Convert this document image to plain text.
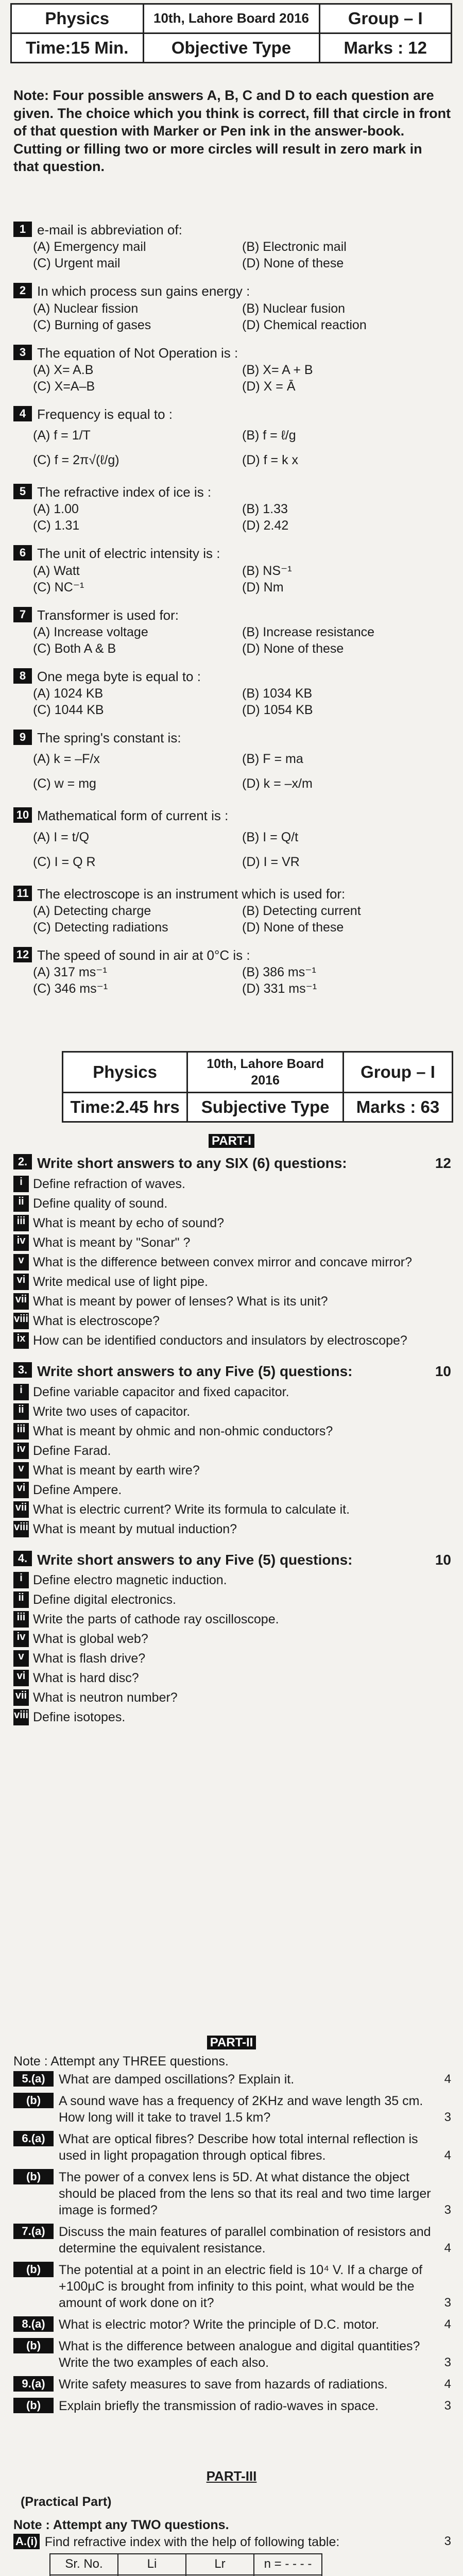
Physics	10th, Lahore Board 2016	Group – I
Time:15 Min.	Objective Type	Marks : 12
Note: Four possible answers A, B, C and D to each question are given. The choice which you think is correct, fill that circle in front of that question with Marker or Pen ink in the answer-book. Cutting or filling two or more circles will result in zero mark in that question.
1 e-mail is abbreviation of:
(A) Emergency mail	(B) Electronic mail
(C) Urgent mail	(D) None of these
2 In which process sun gains energy :
(A) Nuclear fission	(B) Nuclear fusion
(C) Burning of gases	(D) Chemical reaction
3 The equation of Not Operation is :
(A) X= A.B	(B) X= A + B
(C) X=A–B	(D) X = Ā
4 Frequency is equal to :
(A) f = 1/T	(B) f = ℓ/g
(C) f = 2π√(ℓ/g)	(D) f = k x
5 The refractive index of ice is :
(A) 1.00	(B) 1.33
(C) 1.31	(D) 2.42
6 The unit of electric intensity is :
(A) Watt	(B) NS⁻¹
(C) NC⁻¹	(D) Nm
7 Transformer is used for:
(A) Increase voltage	(B) Increase resistance
(C) Both A & B	(D) None of these
8 One mega byte is equal to :
(A) 1024 KB	(B) 1034 KB
(C) 1044 KB	(D) 1054 KB
9 The spring's constant is:
(A) k = –F/x	(B) F = ma
(C) w = mg	(D) k = –x/m
10 Mathematical form of current is :
(A) I = t/Q	(B) I = Q/t
(C) I = Q R	(D) I = VR
11 The electroscope is an instrument which is used for:
(A) Detecting charge	(B) Detecting current
(C) Detecting radiations	(D) None of these
12 The speed of sound in air at 0°C is :
(A) 317 ms⁻¹	(B) 386 ms⁻¹
(C) 346 ms⁻¹	(D) 331 ms⁻¹
Physics	10th, Lahore Board 2016	Group – I
Time:2.45 hrs	Subjective Type	Marks : 63
PART-I
2. Write short answers to any SIX (6) questions:	12
i Define refraction of waves.
ii Define quality of sound.
iii What is meant by echo of sound?
iv What is meant by "Sonar" ?
v What is the difference between convex mirror and concave mirror?
vi Write medical use of light pipe.
vii What is meant by power of lenses? What is its unit?
viii What is electroscope?
ix How can be identified conductors and insulators by electroscope?
3. Write short answers to any Five (5) questions:	10
i Define variable capacitor and fixed capacitor.
ii Write two uses of capacitor.
iii What is meant by ohmic and non-ohmic conductors?
iv Define Farad.
v What is meant by earth wire?
vi Define Ampere.
vii What is electric current? Write its formula to calculate it.
viii What is meant by mutual induction?
4. Write short answers to any Five (5) questions:	10
i Define electro magnetic induction.
ii Define digital electronics.
iii Write the parts of cathode ray oscilloscope.
iv What is global web?
v What is flash drive?
vi What is hard disc?
vii What is neutron number?
viii Define isotopes.
PART-II
Note : Attempt any THREE questions.
5.(a)	What are damped oscillations? Explain it.	4
(b)	A sound wave has a frequency of 2KHz and wave length 35 cm. How long will it take to travel 1.5 km?	3
6.(a)	What are optical fibres? Describe how total internal reflection is used in light propagation through optical fibres.	4
(b)	The power of a convex lens is 5D. At what distance the object should be placed from the lens so that its real and two time larger image is formed?	3
7.(a)	Discuss the main features of parallel combination of resistors and determine the equivalent resistance.	4
(b)	The potential at a point in an electric field is 10⁴ V. If a charge of +100μC is brought from infinity to this point, what would be the amount of work done on it?	3
8.(a)	What is electric motor? Write the principle of D.C. motor.	4
(b)	What is the difference between analogue and digital quantities? Write the two examples of each also.	3
9.(a)	Write safety measures to save from hazards of radiations.	4
(b)	Explain briefly the transmission of radio-waves in space.	3
PART-III
(Practical Part)
Note : Attempt any TWO questions.
A.(i) Find refractive index with the help of following table:	3
Sr. No.	Li	Lr	n = - - - -
